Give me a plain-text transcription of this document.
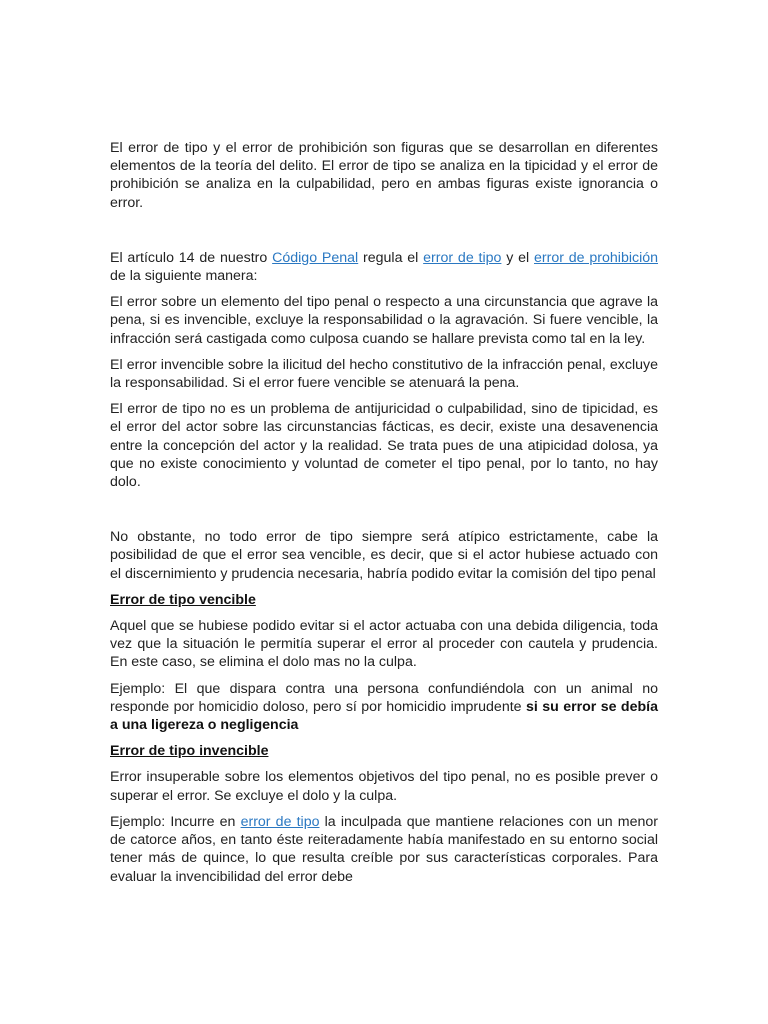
El error de tipo y el error de prohibición son figuras que se desarrollan en diferentes elementos de la teoría del delito. El error de tipo se analiza en la tipicidad y el error de prohibición se analiza en la culpabilidad, pero en ambas figuras existe ignorancia o error.

El artículo 14 de nuestro Código Penal regula el error de tipo y el error de prohibición de la siguiente manera:

El error sobre un elemento del tipo penal o respecto a una circunstancia que agrave la pena, si es invencible, excluye la responsabilidad o la agravación. Si fuere vencible, la infracción será castigada como culposa cuando se hallare prevista como tal en la ley.

El error invencible sobre la ilicitud del hecho constitutivo de la infracción penal, excluye la responsabilidad. Si el error fuere vencible se atenuará la pena.

El error de tipo no es un problema de antijuricidad o culpabilidad, sino de tipicidad, es el error del actor sobre las circunstancias fácticas, es decir, existe una desavenencia entre la concepción del actor y la realidad. Se trata pues de una atipicidad dolosa, ya que no existe conocimiento y voluntad de cometer el tipo penal, por lo tanto, no hay dolo.

No obstante, no todo error de tipo siempre será atípico estrictamente, cabe la posibilidad de que el error sea vencible, es decir, que si el actor hubiese actuado con el discernimiento y prudencia necesaria, habría podido evitar la comisión del tipo penal

Error de tipo vencible

Aquel que se hubiese podido evitar si el actor actuaba con una debida diligencia, toda vez que la situación le permitía superar el error al proceder con cautela y prudencia. En este caso, se elimina el dolo mas no la culpa.

Ejemplo: El que dispara contra una persona confundiéndola con un animal no responde por homicidio doloso, pero sí por homicidio imprudente si su error se debía a una ligereza o negligencia

Error de tipo invencible

Error insuperable sobre los elementos objetivos del tipo penal, no es posible prever o superar el error. Se excluye el dolo y la culpa.

Ejemplo: Incurre en error de tipo la inculpada que mantiene relaciones con un menor de catorce años, en tanto éste reiteradamente había manifestado en su entorno social tener más de quince, lo que resulta creíble por sus características corporales. Para evaluar la invencibilidad del error debe
